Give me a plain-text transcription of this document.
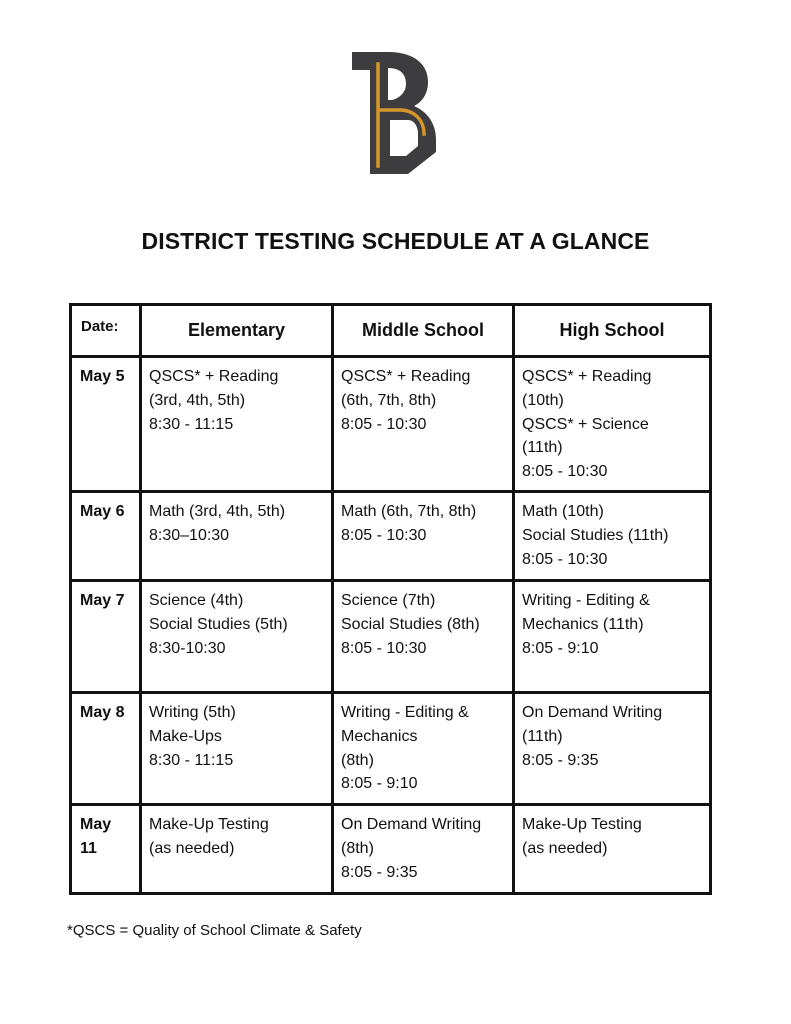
DISTRICT TESTING SCHEDULE AT A GLANCE
Date:	Elementary	Middle School	High School

May 5	QSCS* + Reading
(3rd, 4th, 5th)
8:30 - 11:15	QSCS* + Reading
(6th, 7th, 8th)
8:05 - 10:30	QSCS* + Reading
(10th)
QSCS* + Science
(11th)
8:05 - 10:30

May 6	Math (3rd, 4th, 5th)
8:30–10:30	Math (6th, 7th, 8th)
8:05 - 10:30	Math (10th)
Social Studies (11th)
8:05 - 10:30

May 7	Science (4th)
Social Studies (5th)
8:30-10:30	Science (7th)
Social Studies (8th)
8:05 - 10:30	Writing - Editing &
Mechanics (11th)
8:05 - 9:10

May 8	Writing (5th)
Make-Ups
8:30 - 11:15	Writing - Editing &
Mechanics
(8th)
8:05 - 9:10	On Demand Writing
(11th)
8:05 - 9:35

May
11	Make-Up Testing
(as needed)	On Demand Writing
(8th)
8:05 - 9:35	Make-Up Testing
(as needed)
*QSCS = Quality of School Climate & Safety
